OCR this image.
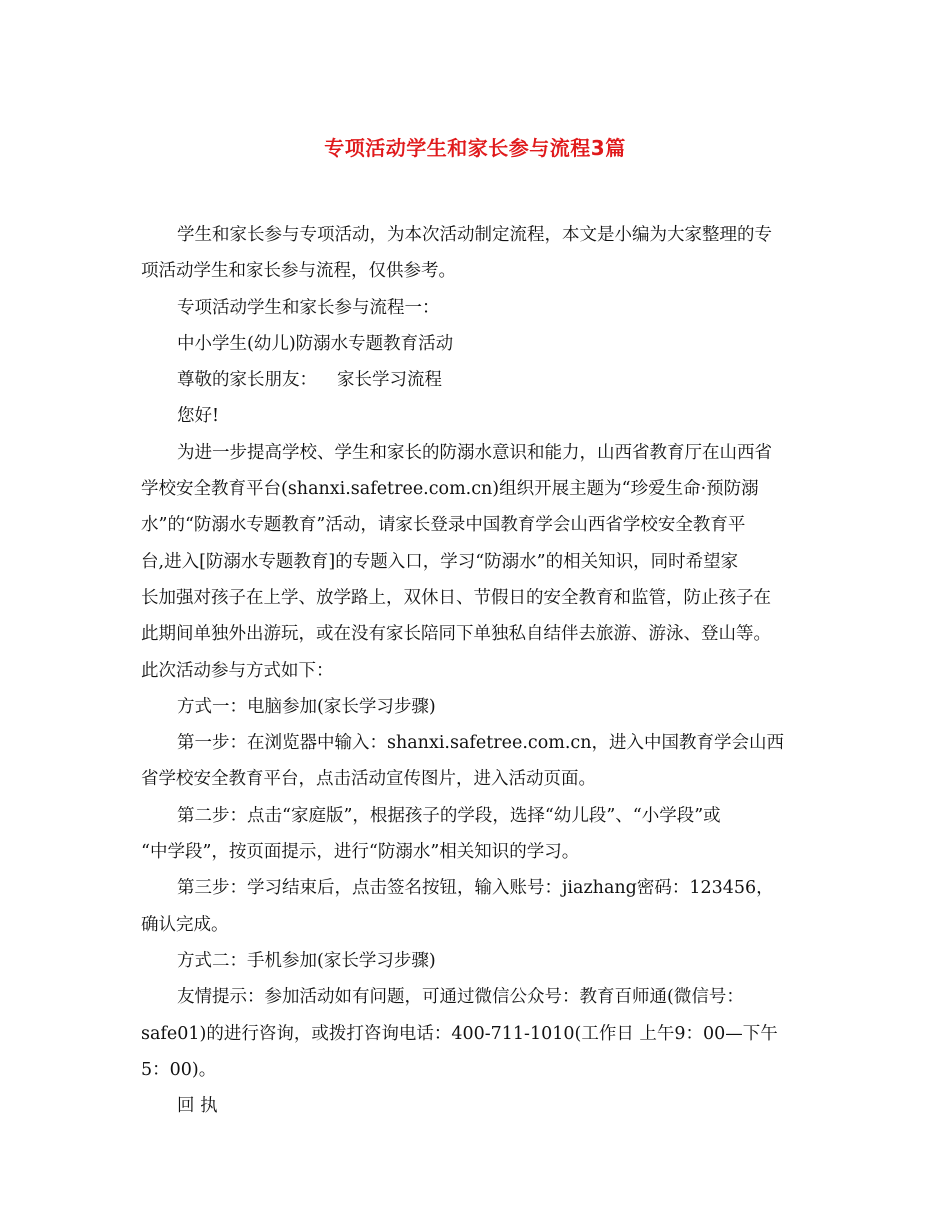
专项活动学生和家长参与流程3篇

学生和家长参与专项活动，为本次活动制定流程，本文是小编为大家整理的专
项活动学生和家长参与流程，仅供参考。

专项活动学生和家长参与流程一：

中小学生(幼儿)防溺水专题教育活动

尊敬的家长朋友： 家长学习流程

您好!

为进一步提高学校、学生和家长的防溺水意识和能力，山西省教育厅在山西省
学校安全教育平台(shanxi.safetree.com.cn)组织开展主题为“珍爱生命·预防溺
水”的“防溺水专题教育”活动，请家长登录中国教育学会山西省学校安全教育平
台,进入[防溺水专题教育]的专题入口，学习“防溺水”的相关知识，同时希望家
长加强对孩子在上学、放学路上，双休日、节假日的安全教育和监管，防止孩子在
此期间单独外出游玩，或在没有家长陪同下单独私自结伴去旅游、游泳、登山等。
此次活动参与方式如下：

方式一：电脑参加(家长学习步骤)

第一步：在浏览器中输入：shanxi.safetree.com.cn，进入中国教育学会山西
省学校安全教育平台，点击活动宣传图片，进入活动页面。

第二步：点击“家庭版”，根据孩子的学段，选择“幼儿段”、“小学段”或
“中学段”，按页面提示，进行“防溺水”相关知识的学习。

第三步：学习结束后，点击签名按钮，输入账号：jiazhang密码：123456，
确认完成。

方式二：手机参加(家长学习步骤)

友情提示：参加活动如有问题，可通过微信公众号：教育百师通(微信号：
safe01)的进行咨询，或拨打咨询电话：400-711-1010(工作日 上午9：00—下午
5：00)。

回 执
